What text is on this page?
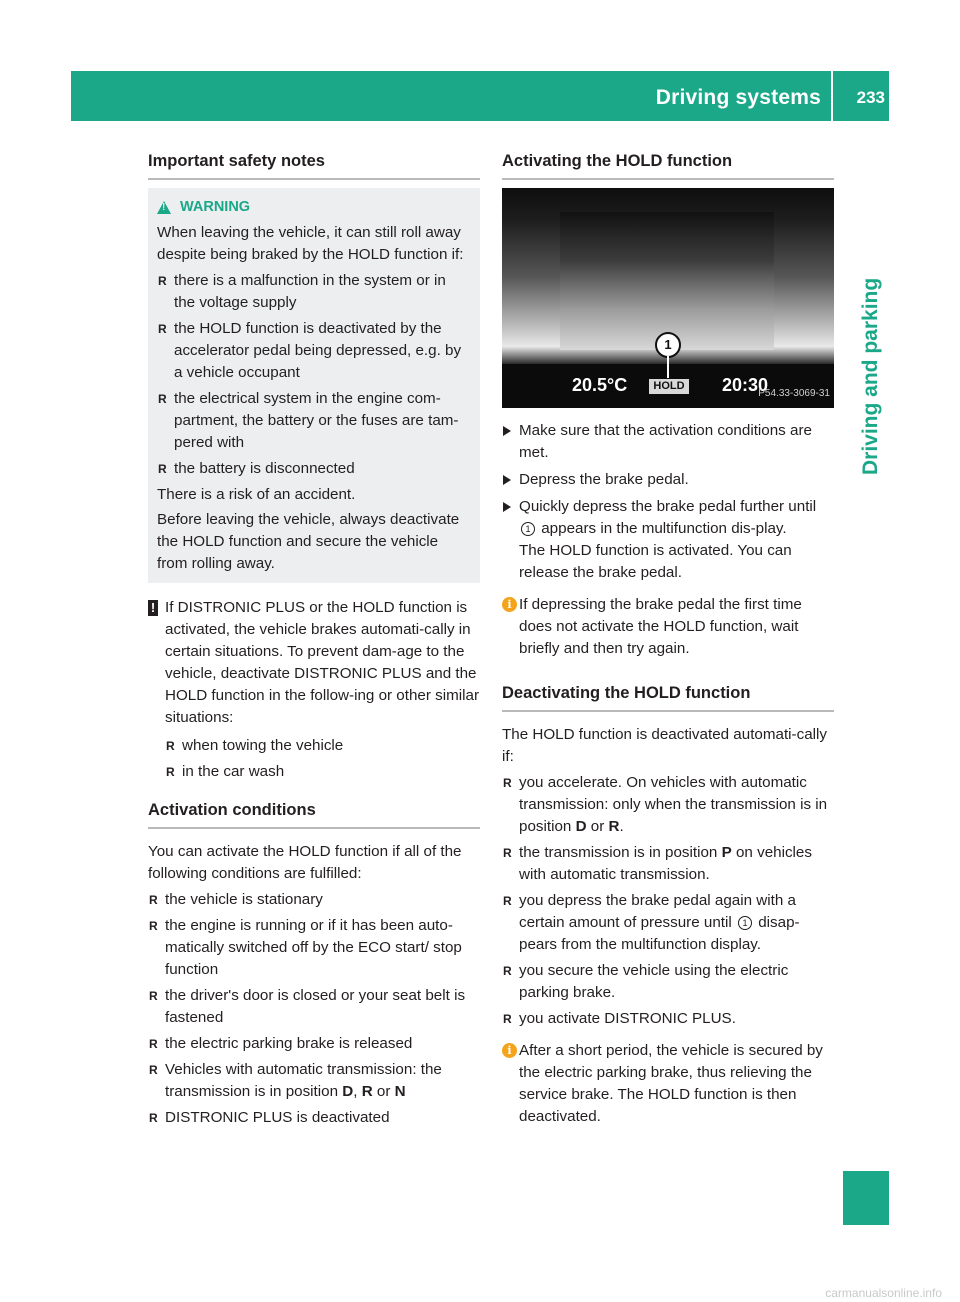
Driving systems 233
Driving and parking
Important safety notes
!
WARNING

When leaving the vehicle, it can still roll away despite being braked by the HOLD function if:

R there is a malfunction in the system or in the voltage supply
R the HOLD function is deactivated by the accelerator pedal being depressed, e.g. by a vehicle occupant
R the electrical system in the engine com-partment, the battery or the fuses are tam-pered with
R the battery is disconnected

There is a risk of an accident.

Before leaving the vehicle, always deactivate the HOLD function and secure the vehicle from rolling away.

! If DISTRONIC PLUS or the HOLD function is activated, the vehicle brakes automati-cally in certain situations. To prevent dam-age to the vehicle, deactivate DISTRONIC PLUS and the HOLD function in the follow-ing or other similar situations:

R when towing the vehicle
R in the car wash
Activation conditions

You can activate the HOLD function if all of the following conditions are fulfilled:

R the vehicle is stationary
R the engine is running or if it has been auto-matically switched off by the ECO start/ stop function
R the driver's door is closed or your seat belt is fastened
R the electric parking brake is released
R Vehicles with automatic transmission: the transmission is in position D, R or N
R DISTRONIC PLUS is deactivated
Activating the HOLD function
1
20.5°C	HOLD 20:30
P54.33-3069-31
Make sure that the activation conditions are met.
Depress the brake pedal.
Quickly depress the brake pedal further until 1 appears in the multifunction dis-play.
The HOLD function is activated. You can release the brake pedal.
i If depressing the brake pedal the first time does not activate the HOLD function, wait briefly and then try again.

Deactivating the HOLD function

The HOLD function is deactivated automati-cally if:

R you accelerate. On vehicles with automatic transmission: only when the transmission is in position D or R.
R the transmission is in position P on vehicles with automatic transmission.
R you depress the brake pedal again with a certain amount of pressure until 1 disap-pears from the multifunction display.
R you secure the vehicle using the electric parking brake.
R you activate DISTRONIC PLUS.
i After a short period, the vehicle is secured by the electric parking brake, thus relieving the service brake. The HOLD function is then deactivated.

carmanualsonline.info
